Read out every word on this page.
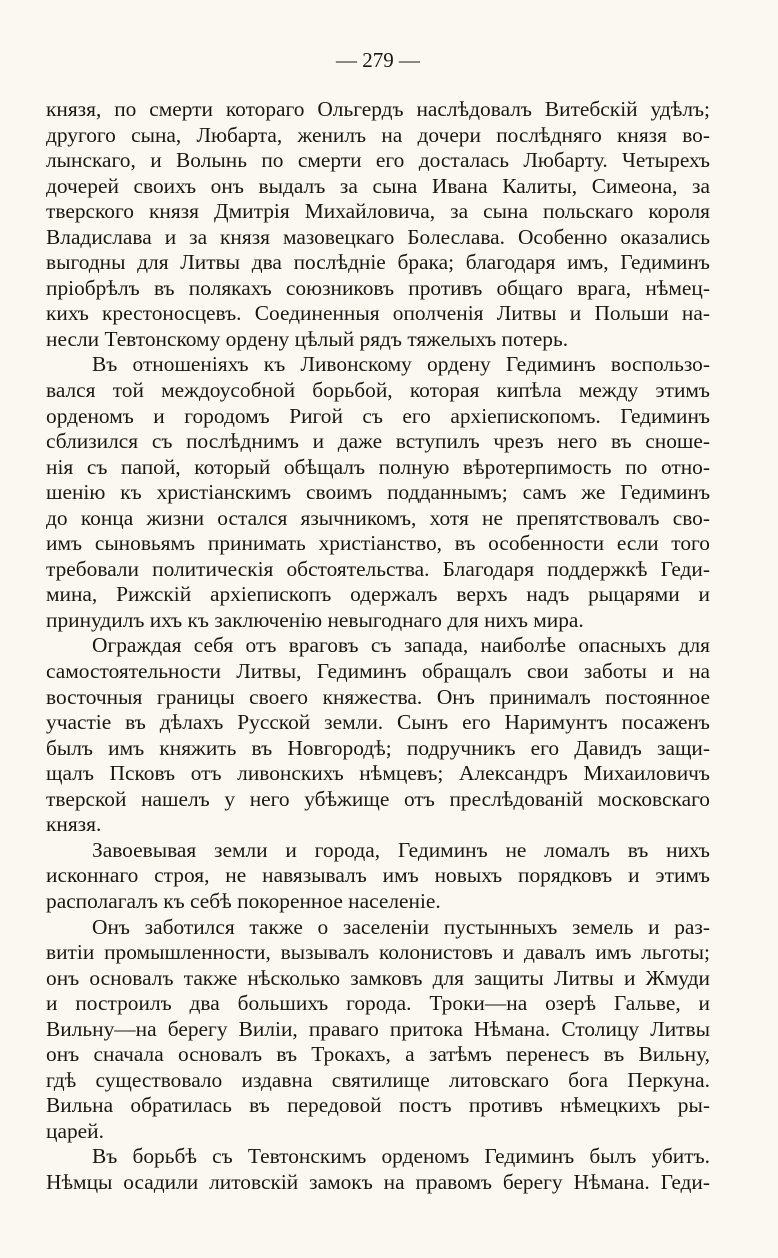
— 279 —
князя, по смерти котораго Ольгердъ наслѣдовалъ Витебскій удѣлъ;
другого сына, Любарта, женилъ на дочери послѣдняго князя во-
лынскаго, и Волынь по смерти его досталась Любарту. Четырехъ
дочерей своихъ онъ выдалъ за сына Ивана Калиты, Симеона, за
тверского князя Дмитрія Михайловича, за сына польскаго короля
Владислава и за князя мазовецкаго Болеслава. Особенно оказались
выгодны для Литвы два послѣдніе брака; благодаря имъ, Гедиминъ
пріобрѣлъ въ полякахъ союзниковъ противъ общаго врага, нѣмец-
кихъ крестоносцевъ. Соединенныя ополченія Литвы и Польши на-
несли Тевтонскому ордену цѣлый рядъ тяжелыхъ потерь.
Въ отношеніяхъ къ Ливонскому ордену Гедиминъ воспользо-
вался той междоусобной борьбой, которая кипѣла между этимъ
орденомъ и городомъ Ригой съ его архіепископомъ. Гедиминъ
сблизился съ послѣднимъ и даже вступилъ чрезъ него въ сноше-
нія съ папой, который обѣщалъ полную вѣротерпимость по отно-
шенію къ христіанскимъ своимъ подданнымъ; самъ же Гедиминъ
до конца жизни остался язычникомъ, хотя не препятствовалъ сво-
имъ сыновьямъ принимать христіанство, въ особенности если того
требовали политическія обстоятельства. Благодаря поддержкѣ Геди-
мина, Рижскій архіепископъ одержалъ верхъ надъ рыцарями и
принудилъ ихъ къ заключенію невыгоднаго для нихъ мира.
Ограждая себя отъ враговъ съ запада, наиболѣе опасныхъ для
самостоятельности Литвы, Гедиминъ обращалъ свои заботы и на
восточныя границы своего княжества. Онъ принималъ постоянное
участіе въ дѣлахъ Русской земли. Сынъ его Наримунтъ посаженъ
былъ имъ княжить въ Новгородѣ; подручникъ его Давидъ защи-
щалъ Псковъ отъ ливонскихъ нѣмцевъ; Александръ Михаиловичъ
тверской нашелъ у него убѣжище отъ преслѣдованій московскаго
князя.
Завоевывая земли и города, Гедиминъ не ломалъ въ нихъ
исконнаго строя, не навязывалъ имъ новыхъ порядковъ и этимъ
располагалъ къ себѣ покоренное населеніе.
Онъ заботился также о заселеніи пустынныхъ земель и раз-
витіи промышленности, вызывалъ колонистовъ и давалъ имъ льготы;
онъ основалъ также нѣсколько замковъ для защиты Литвы и Жмуди
и построилъ два большихъ города. Троки—на озерѣ Гальве, и
Вильну—на берегу Виліи, праваго притока Нѣмана. Столицу Литвы
онъ сначала основалъ въ Трокахъ, а затѣмъ перенесъ въ Вильну,
гдѣ существовало издавна святилище литовскаго бога Перкуна.
Вильна обратилась въ передовой постъ противъ нѣмецкихъ ры-
царей.
Въ борьбѣ съ Тевтонскимъ орденомъ Гедиминъ былъ убитъ.
Нѣмцы осадили литовскій замокъ на правомъ берегу Нѣмана. Геди-
